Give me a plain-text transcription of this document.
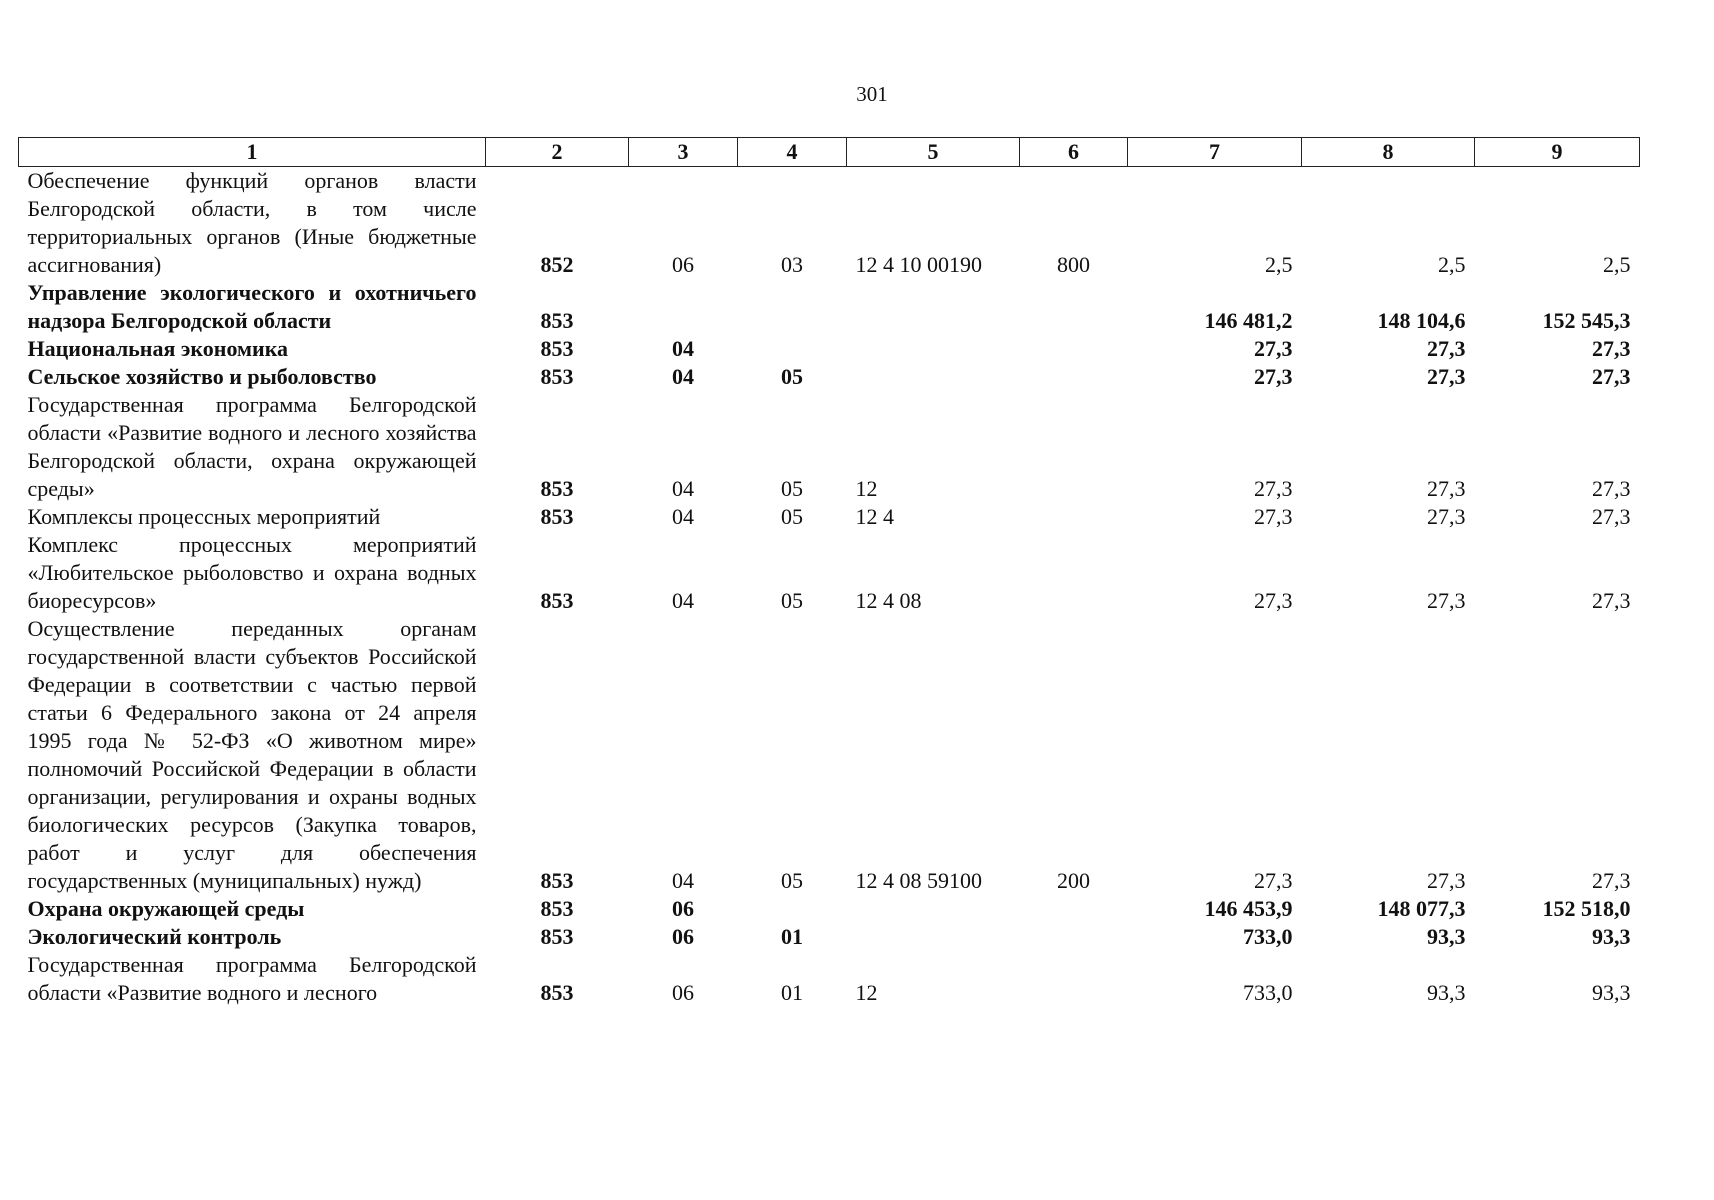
301
1	2	3	4	5	6	7	8	9
Обеспечение функций органов власти Белгородской области, в том числе территориальных органов (Иные бюджетные ассигнования)	852	06	03	12 4 10 00190	800	2,5	2,5	2,5
Управление экологического и охотничьего надзора Белгородской области	853					146 481,2	148 104,6	152 545,3
Национальная экономика	853	04				27,3	27,3	27,3
Сельское хозяйство и рыболовство	853	04	05			27,3	27,3	27,3
Государственная программа Белгородской области «Развитие водного и лесного хозяйства Белгородской области, охрана окружающей среды»	853	04	05	12		27,3	27,3	27,3
Комплексы процессных мероприятий	853	04	05	12 4		27,3	27,3	27,3
Комплекс процессных мероприятий «Любительское рыболовство и охрана водных биоресурсов»	853	04	05	12 4 08		27,3	27,3	27,3
Осуществление переданных органам государственной власти субъектов Российской Федерации в соответствии с частью первой статьи 6 Федерального закона от 24 апреля 1995 года № 52-ФЗ «О животном мире» полномочий Российской Федерации в области организации, регулирования и охраны водных биологических ресурсов (Закупка товаров, работ и услуг для обеспечения государственных (муниципальных) нужд)	853	04	05	12 4 08 59100	200	27,3	27,3	27,3
Охрана окружающей среды	853	06				146 453,9	148 077,3	152 518,0
Экологический контроль	853	06	01			733,0	93,3	93,3
Государственная программа Белгородской области «Развитие водного и лесного	853	06	01	12		733,0	93,3	93,3
